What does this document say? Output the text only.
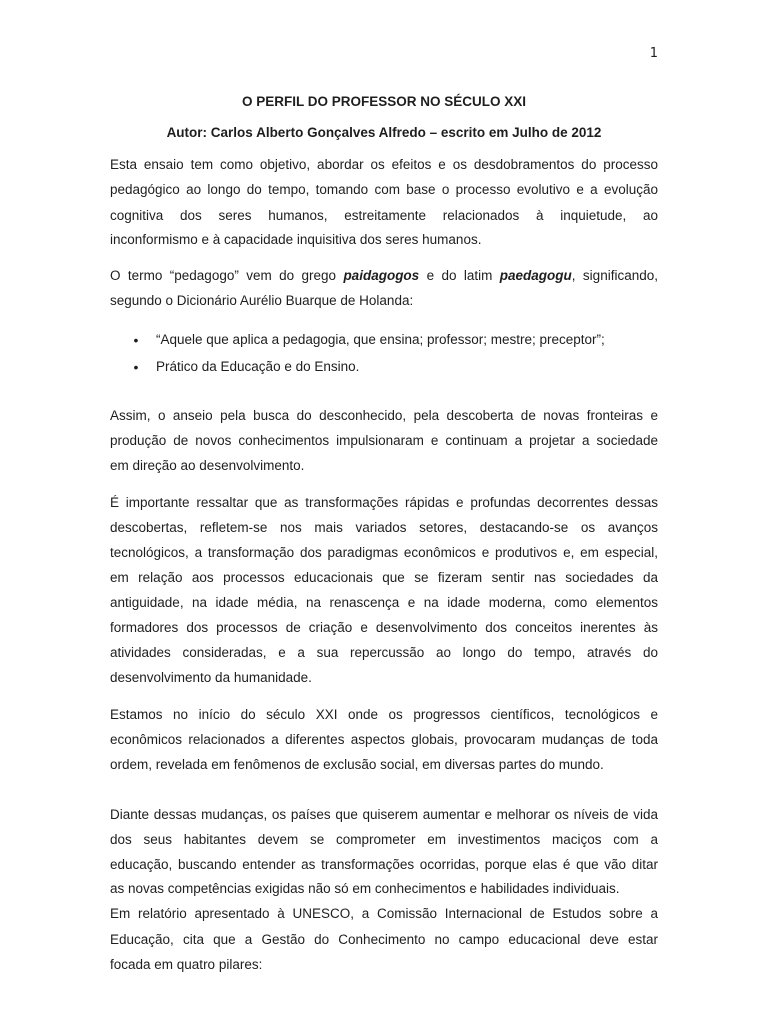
1
O PERFIL DO PROFESSOR NO SÉCULO XXI
Autor: Carlos Alberto Gonçalves Alfredo – escrito em Julho de 2012
Esta ensaio tem como objetivo, abordar os efeitos e os desdobramentos do processo
pedagógico ao longo do tempo, tomando com base o processo evolutivo e a evolução
cognitiva dos seres humanos, estreitamente relacionados à inquietude, ao
inconformismo e à capacidade inquisitiva dos seres humanos.
O termo “pedagogo” vem do grego paidagogos e do latim paedagogu, significando,
segundo o Dicionário Aurélio Buarque de Holanda:
• “Aquele que aplica a pedagogia, que ensina; professor; mestre; preceptor”;
• Prático da Educação e do Ensino.
Assim, o anseio pela busca do desconhecido, pela descoberta de novas fronteiras e
produção de novos conhecimentos impulsionaram e continuam a projetar a sociedade
em direção ao desenvolvimento.
É importante ressaltar que as transformações rápidas e profundas decorrentes dessas
descobertas, refletem-se nos mais variados setores, destacando-se os avanços
tecnológicos, a transformação dos paradigmas econômicos e produtivos e, em especial,
em relação aos processos educacionais que se fizeram sentir nas sociedades da
antiguidade, na idade média, na renascença e na idade moderna, como elementos
formadores dos processos de criação e desenvolvimento dos conceitos inerentes às
atividades consideradas, e a sua repercussão ao longo do tempo, através do
desenvolvimento da humanidade.
Estamos no início do século XXI onde os progressos científicos, tecnológicos e
econômicos relacionados a diferentes aspectos globais, provocaram mudanças de toda
ordem, revelada em fenômenos de exclusão social, em diversas partes do mundo.
Diante dessas mudanças, os países que quiserem aumentar e melhorar os níveis de vida
dos seus habitantes devem se comprometer em investimentos maciços com a
educação, buscando entender as transformações ocorridas, porque elas é que vão ditar
as novas competências exigidas não só em conhecimentos e habilidades individuais.
Em relatório apresentado à UNESCO, a Comissão Internacional de Estudos sobre a
Educação, cita que a Gestão do Conhecimento no campo educacional deve estar
focada em quatro pilares:
